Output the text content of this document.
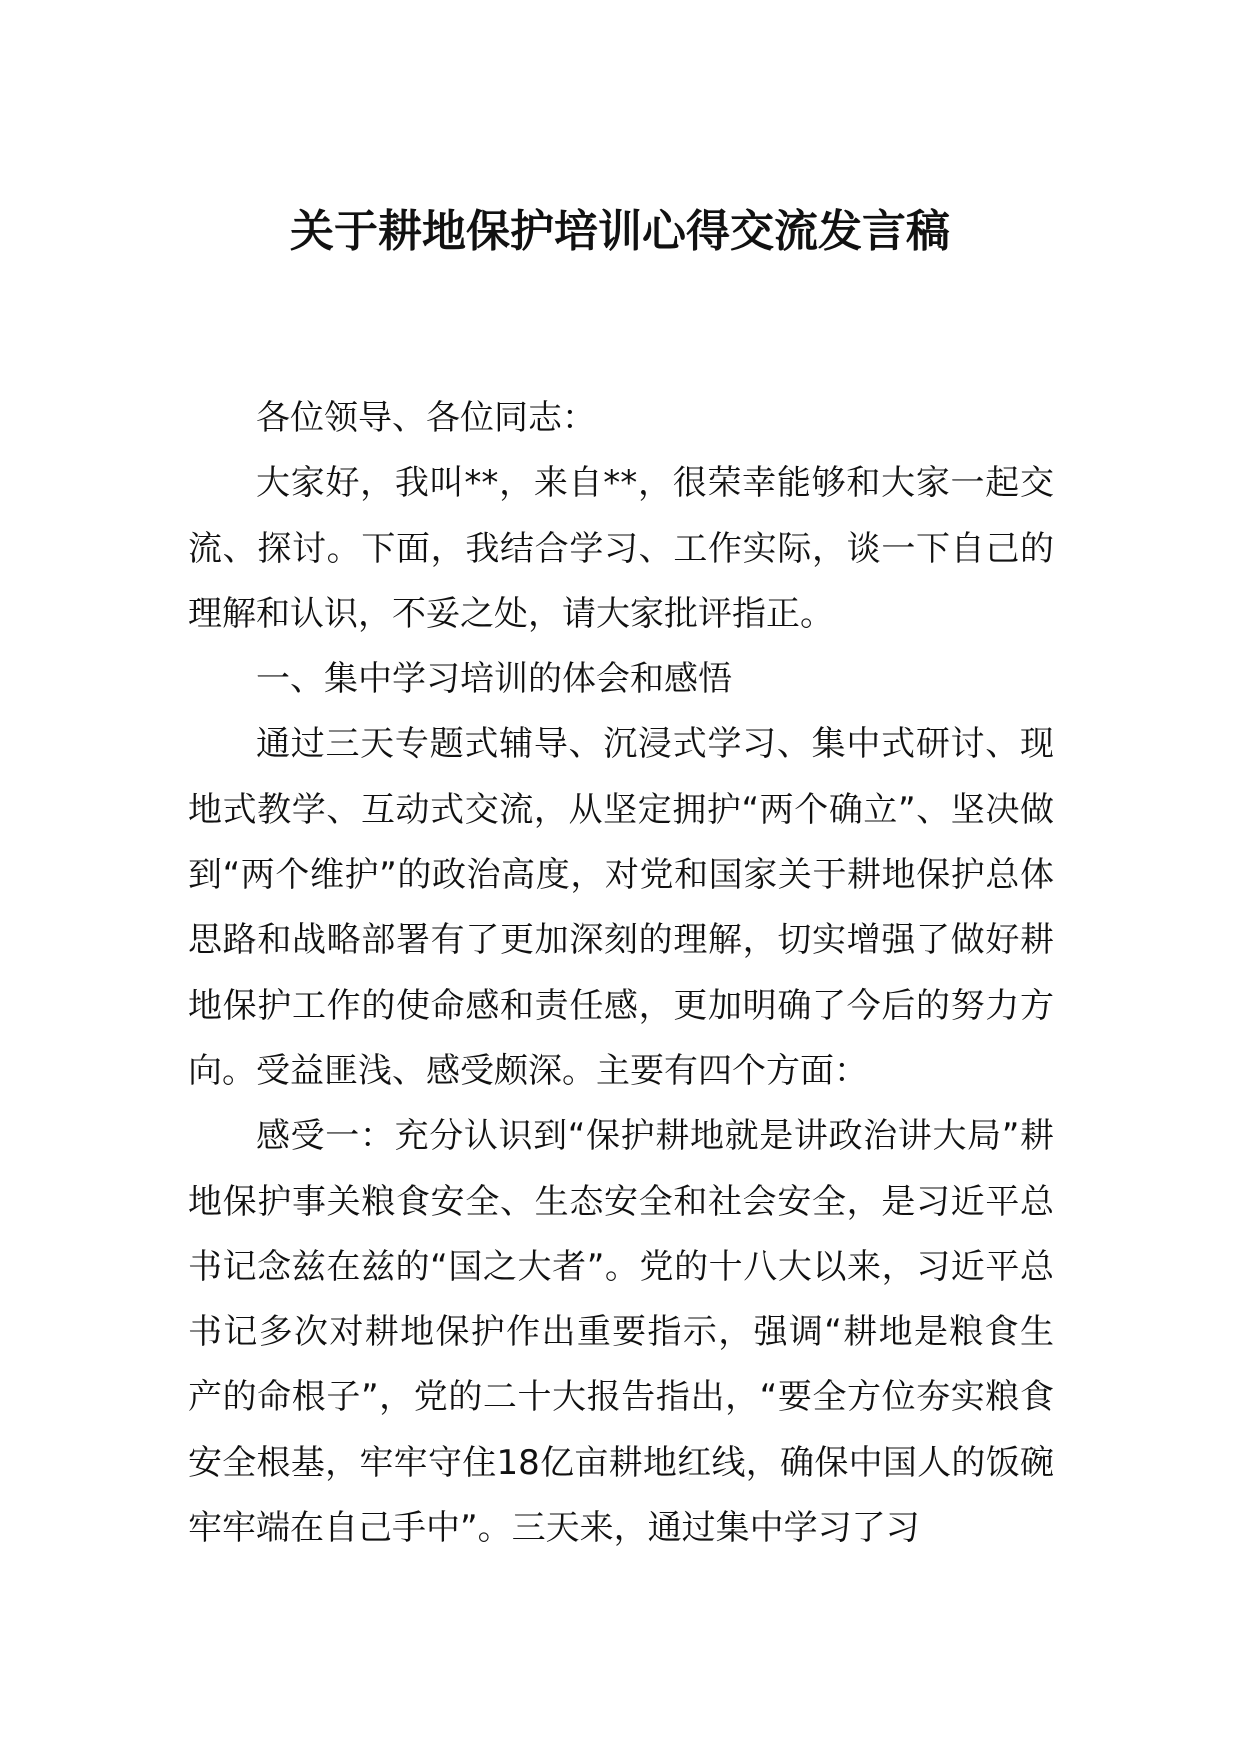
关于耕地保护培训心得交流发言稿

各位领导、各位同志：

大家好，我叫**，来自**，很荣幸能够和大家一起交流、探讨。下面，我结合学习、工作实际，谈一下自己的理解和认识，不妥之处，请大家批评指正。

一、集中学习培训的体会和感悟

通过三天专题式辅导、沉浸式学习、集中式研讨、现地式教学、互动式交流，从坚定拥护“两个确立”、坚决做到“两个维护”的政治高度，对党和国家关于耕地保护总体思路和战略部署有了更加深刻的理解，切实增强了做好耕地保护工作的使命感和责任感，更加明确了今后的努力方向。受益匪浅、感受颇深。主要有四个方面：

感受一：充分认识到“保护耕地就是讲政治讲大局”耕地保护事关粮食安全、生态安全和社会安全，是习近平总书记念兹在兹的“国之大者”。党的十八大以来，习近平总书记多次对耕地保护作出重要指示，强调“耕地是粮食生产的命根子”，党的二十大报告指出，“要全方位夯实粮食安全根基，牢牢守住18亿亩耕地红线，确保中国人的饭碗牢牢端在自己手中”。三天来，通过集中学习了习
